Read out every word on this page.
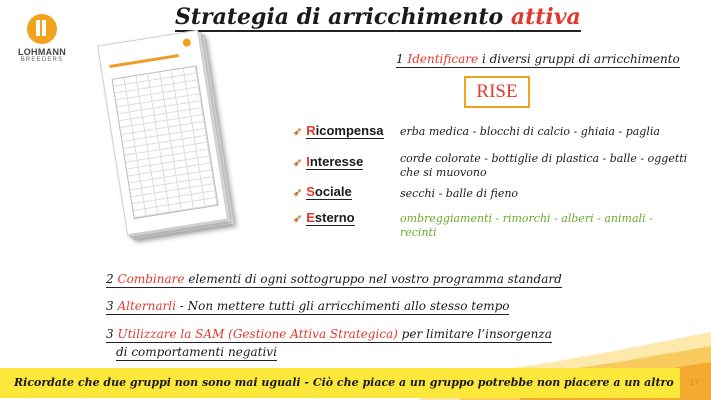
LOHMANN
BREEDERS
Strategia di arricchimento attiva
1 Identificare i diversi gruppi di arricchimento
RISE
➶ Ricompensa erba medica - blocchi di calcio - ghiaia - paglia
➶ Interesse	corde colorate - bottiglie di plastica - balle - oggetti che si muovono
➶ Sociale	secchi - balle di fieno
➶ Esterno	ombreggiamenti - rimorchi - alberi - animali - recinti
2 Combinare elementi di ogni sottogruppo nel vostro programma standard
3 Alternarli - Non mettere tutti gli arricchimenti allo stesso tempo
3 Utilizzare la SAM (Gestione Attiva Strategica) per limitare l’insorgenza
di comportamenti negativi
Ricordate che due gruppi non sono mai uguali - Ciò che piace a un gruppo potrebbe non piacere a un altro 17
